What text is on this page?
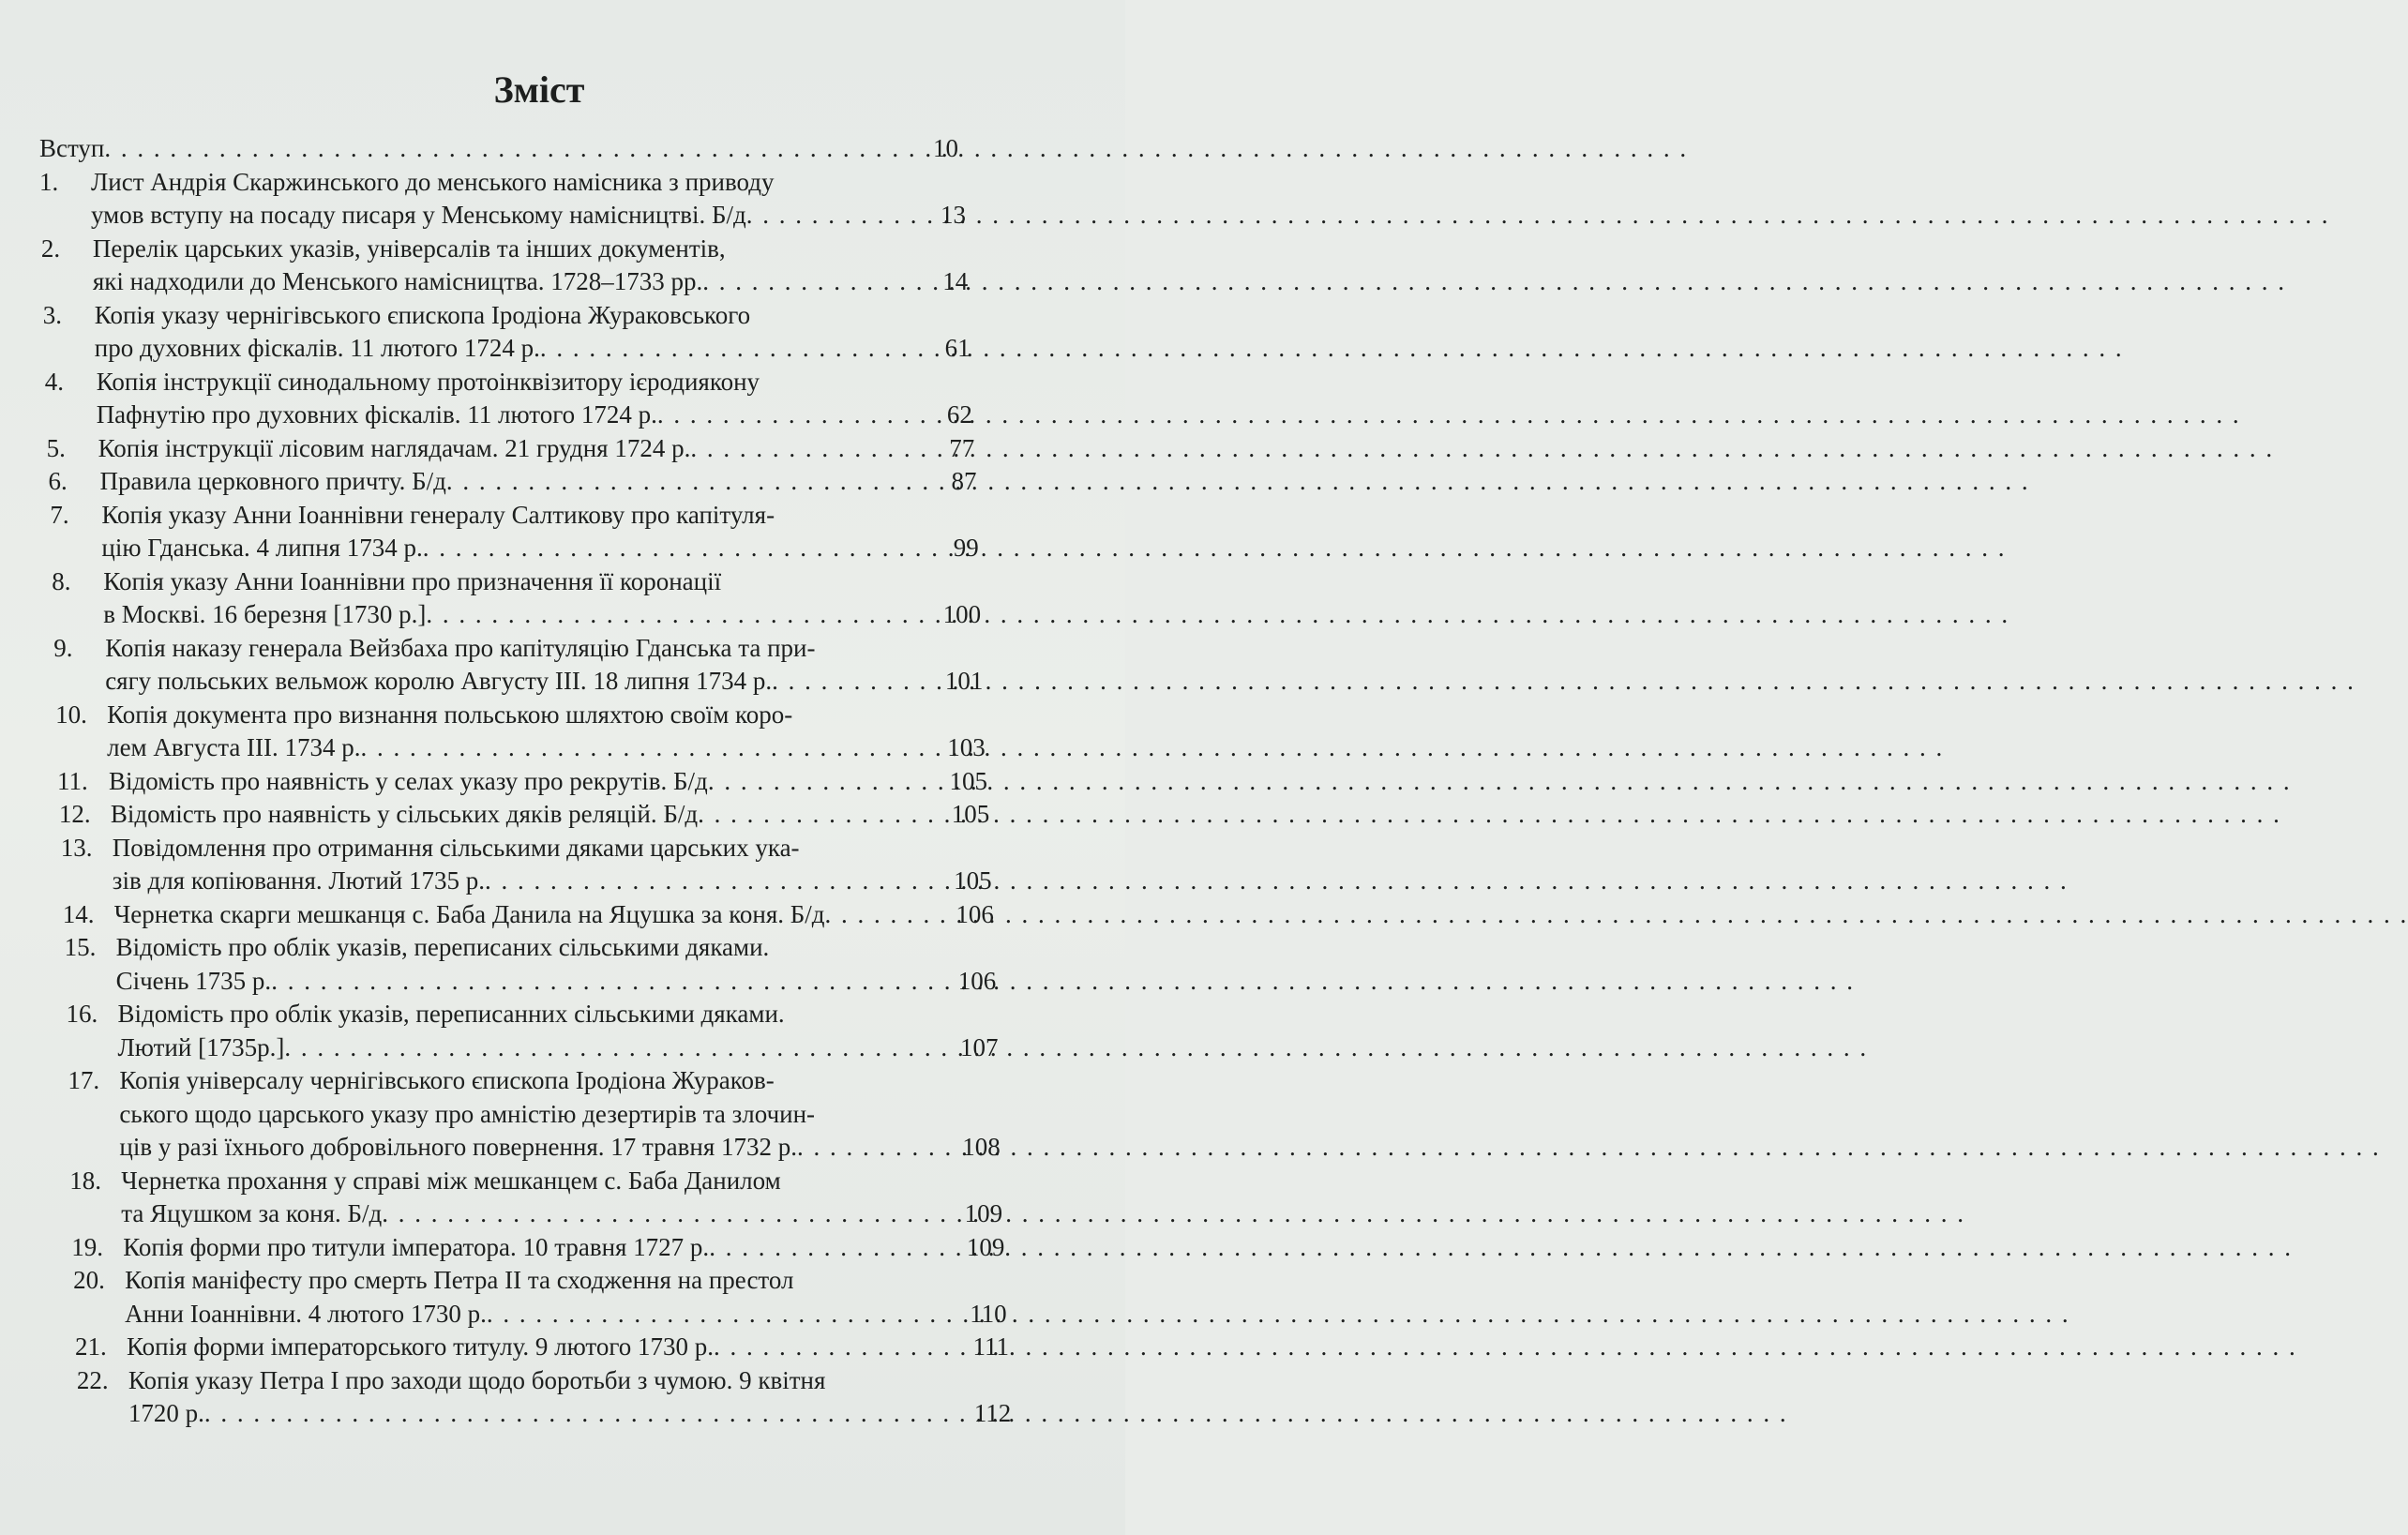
Зміст
Вступ . . .	10
1.	Лист Андрія Скаржинського до менського намісника з приводу
умов вступу на посаду писаря у Менському намісництві. Б/д . . .	13
2.	Перелік царських указів, універсалів та інших документів,
які надходили до Менського намісництва. 1728–1733 рр. . . .	14
3.	Копія указу чернігівського єпископа Іродіона Жураковського
про духовних фіскалів. 11 лютого 1724 р. . . .	61
4.	Копія інструкції синодальному протоінквізитору ієродиякону
Пафнутію про духовних фіскалів. 11 лютого 1724 р. . . .	62
5.	Копія інструкції лісовим наглядачам. 21 грудня 1724 р. . . .	77
6.	Правила церковного причту. Б/д . . .	87
7.	Копія указу Анни Іоаннівни генералу Салтикову про капітуля-
цію Гданська. 4 липня 1734 р. . . .	99
8.	Копія указу Анни Іоаннівни про призначення її коронації
в Москві. 16 березня [1730 р.] . . .	100
9.	Копія наказу генерала Вейзбаха про капітуляцію Гданська та при-
сягу польських вельмож королю Августу ІІІ. 18 липня 1734 р. . . .	101
10. Копія документа про визнання польською шляхтою своїм коро-
лем Августа ІІІ. 1734 р. . . .	103
11. Відомість про наявність у селах указу про рекрутів. Б/д . . .	105
12. Відомість про наявність у сільських дяків реляцій. Б/д . . .	105
13. Повідомлення про отримання сільськими дяками царських ука-
зів для копіювання. Лютий 1735 р. . . .	105
14. Чернетка скарги мешканця с. Баба Данила на Яцушка за коня. Б/д . . .	106
15. Відомість про облік указів, переписаних сільськими дяками.
Січень 1735 р. . . .	106
16. Відомість про облік указів, переписанних сільськими дяками.
Лютий [1735р.] . . .	107
17. Копія універсалу чернігівського єпископа Іродіона Жураков-
ського щодо царського указу про амністію дезертирів та злочин-
ців у разі їхнього добровільного повернення. 17 травня 1732 р. . . .	108
18. Чернетка прохання у справі між мешканцем с. Баба Данилом
та Яцушком за коня. Б/д . . .	109
19. Копія форми про титули імператора. 10 травня 1727 р. . . .	109
20. Копія маніфесту про смерть Петра ІІ та сходження на престол
Анни Іоаннівни. 4 лютого 1730 р. . . .	110
21. Копія форми імператорського титулу. 9 лютого 1730 р. . . .	111
22. Копія указу Петра І про заходи щодо боротьби з чумою. 9 квітня
1720 р. . . .	112
